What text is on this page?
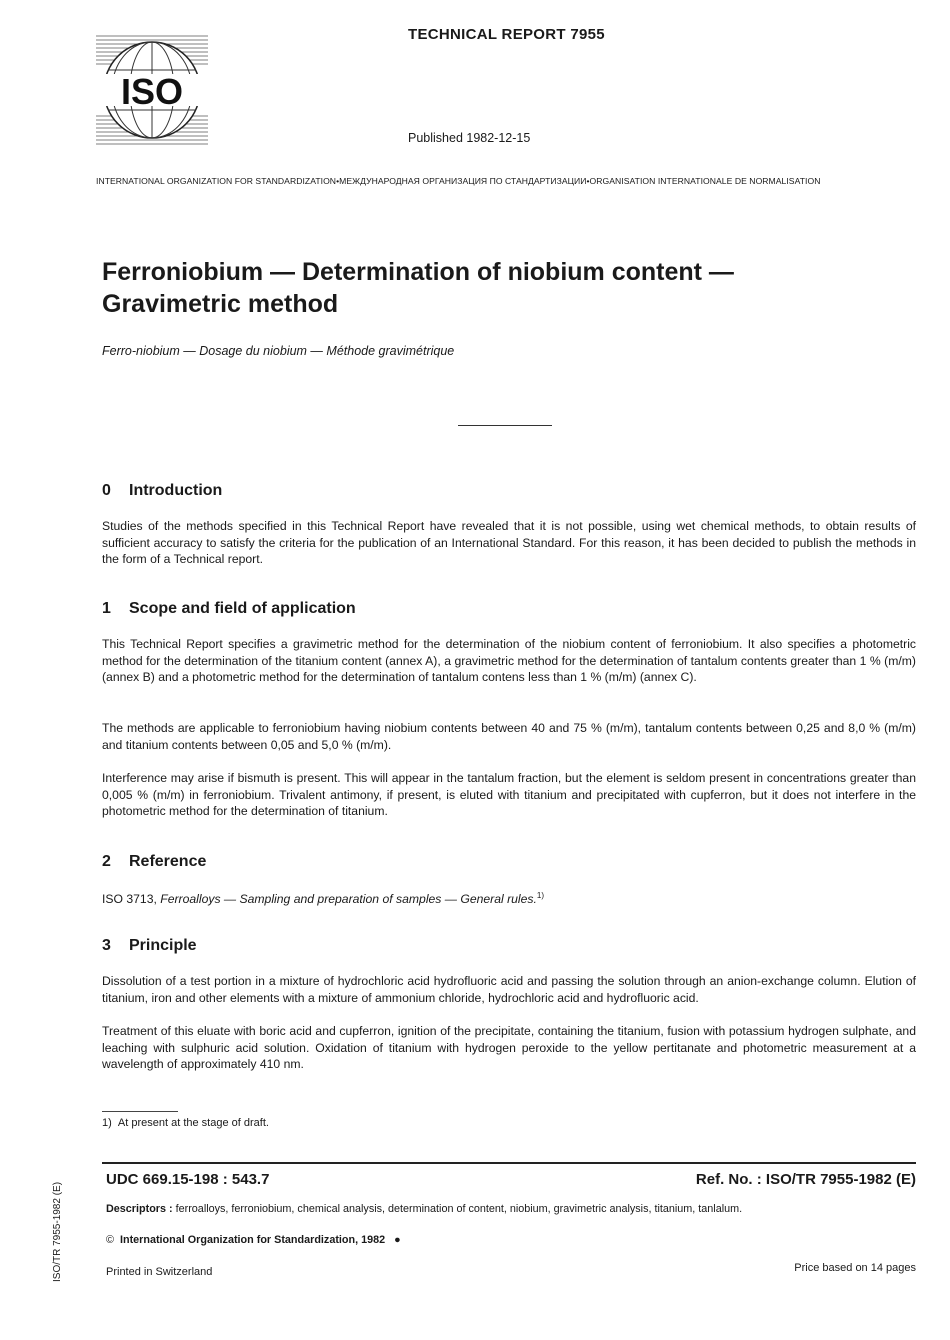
ISO
TECHNICAL REPORT 7955
Published 1982-12-15
INTERNATIONAL ORGANIZATION FOR STANDARDIZATION•МЕЖДУНАРОДНАЯ ОРГАНИЗАЦИЯ ПО СТАНДАРТИЗАЦИИ•ORGANISATION INTERNATIONALE DE NORMALISATION
Ferroniobium — Determination of niobium content —
Gravimetric method
Ferro-niobium — Dosage du niobium — Méthode gravimétrique
0 Introduction

Studies of the methods specified in this Technical Report have revealed that it is not possible, using wet chemical methods, to obtain results of sufficient accuracy to satisfy the criteria for the publication of an International Standard. For this reason, it has been decided to publish the methods in the form of a Technical report.

1 Scope and field of application

This Technical Report specifies a gravimetric method for the determination of the niobium content of ferroniobium. It also specifies a photometric method for the determination of the titanium content (annex A), a gravimetric method for the determination of tantalum contents greater than 1 % (m/m) (annex B) and a photometric method for the determination of tantalum contens less than 1 % (m/m) (annex C).

The methods are applicable to ferroniobium having niobium contents between 40 and 75 % (m/m), tantalum contents between 0,25 and 8,0 % (m/m) and titanium contents between 0,05 and 5,0 % (m/m).

Interference may arise if bismuth is present. This will appear in the tantalum fraction, but the element is seldom present in concentrations greater than 0,005 % (m/m) in ferroniobium. Trivalent antimony, if present, is eluted with titanium and precipitated with cupferron, but it does not interfere in the photometric method for the determination of titanium.

2 Reference

ISO 3713, Ferroalloys — Sampling and preparation of samples — General rules.$^{1)}$

3 Principle

Dissolution of a test portion in a mixture of hydrochloric acid hydrofluoric acid and passing the solution through an anion-exchange column. Elution of titanium, iron and other elements with a mixture of ammonium chloride, hydrochloric acid and hydrofluoric acid.

Treatment of this eluate with boric acid and cupferron, ignition of the precipitate, containing the titanium, fusion with potassium hydrogen sulphate, and leaching with sulphuric acid solution. Oxidation of titanium with hydrogen peroxide to the yellow pertitanate and photometric measurement at a wavelength of approximately 410 nm.

1) At present at the stage of draft.
UDC 669.15-198 : 543.7	Ref. No. : ISO/TR 7955-1982 (E)
Descriptors : ferroalloys, ferroniobium, chemical analysis, determination of content, niobium, gravimetric analysis, titanium, tanlalum.
© International Organization for Standardization, 1982 ●
Printed in Switzerland	Price based on 14 pages
ISO/TR 7955-1982 (E)
